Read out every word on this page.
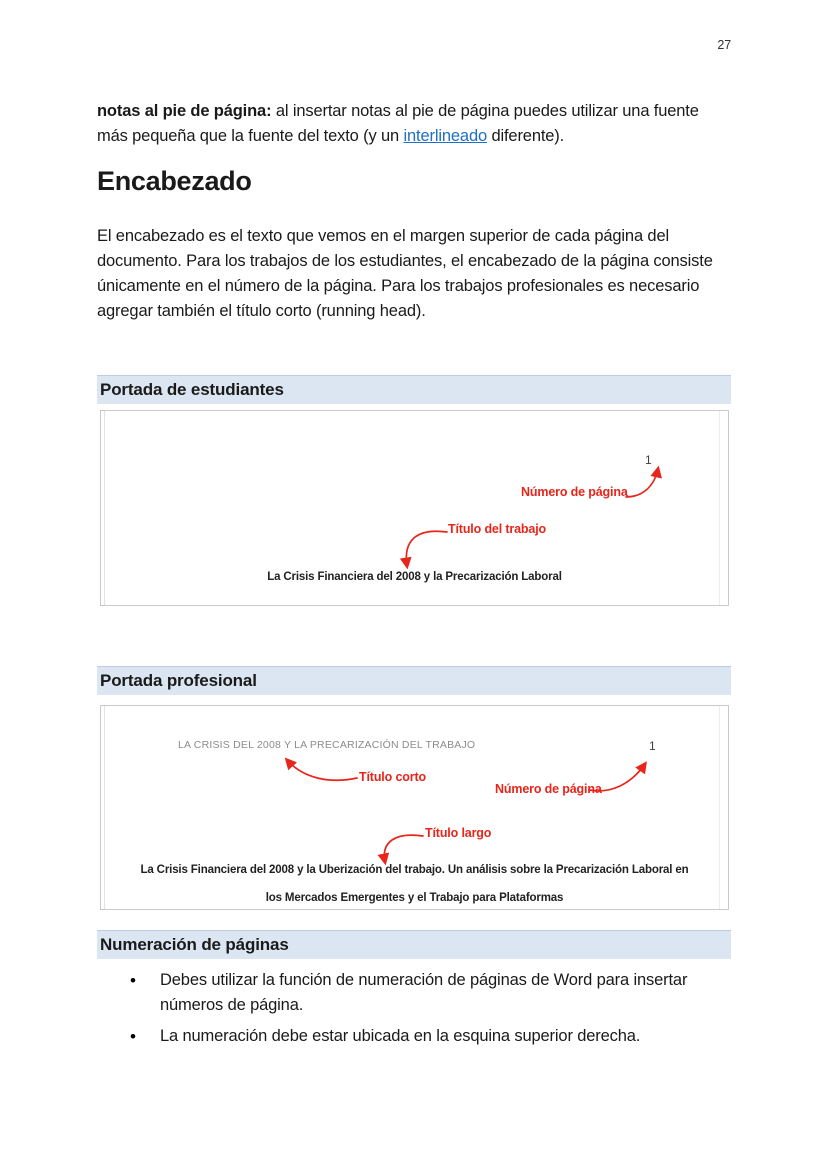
27

notas al pie de página: al insertar notas al pie de página puedes utilizar una fuente más pequeña que la fuente del texto (y un interlineado diferente).

Encabezado

El encabezado es el texto que vemos en el margen superior de cada página del documento. Para los trabajos de los estudiantes, el encabezado de la página consiste únicamente en el número de la página. Para los trabajos profesionales es necesario agregar también el título corto (running head).

Portada de estudiantes
1
Número de página
Título del trabajo
La Crisis Financiera del 2008 y la Precarización Laboral
Portada profesional
LA CRISIS DEL 2008 Y LA PRECARIZACIÓN DEL TRABAJO	1
Título corto
Número de página
Título largo
La Crisis Financiera del 2008 y la Uberización del trabajo. Un análisis sobre la Precarización Laboral en
los Mercados Emergentes y el Trabajo para Plataformas
Numeración de páginas
• Debes utilizar la función de numeración de páginas de Word para insertar números de página.
• La numeración debe estar ubicada en la esquina superior derecha.
